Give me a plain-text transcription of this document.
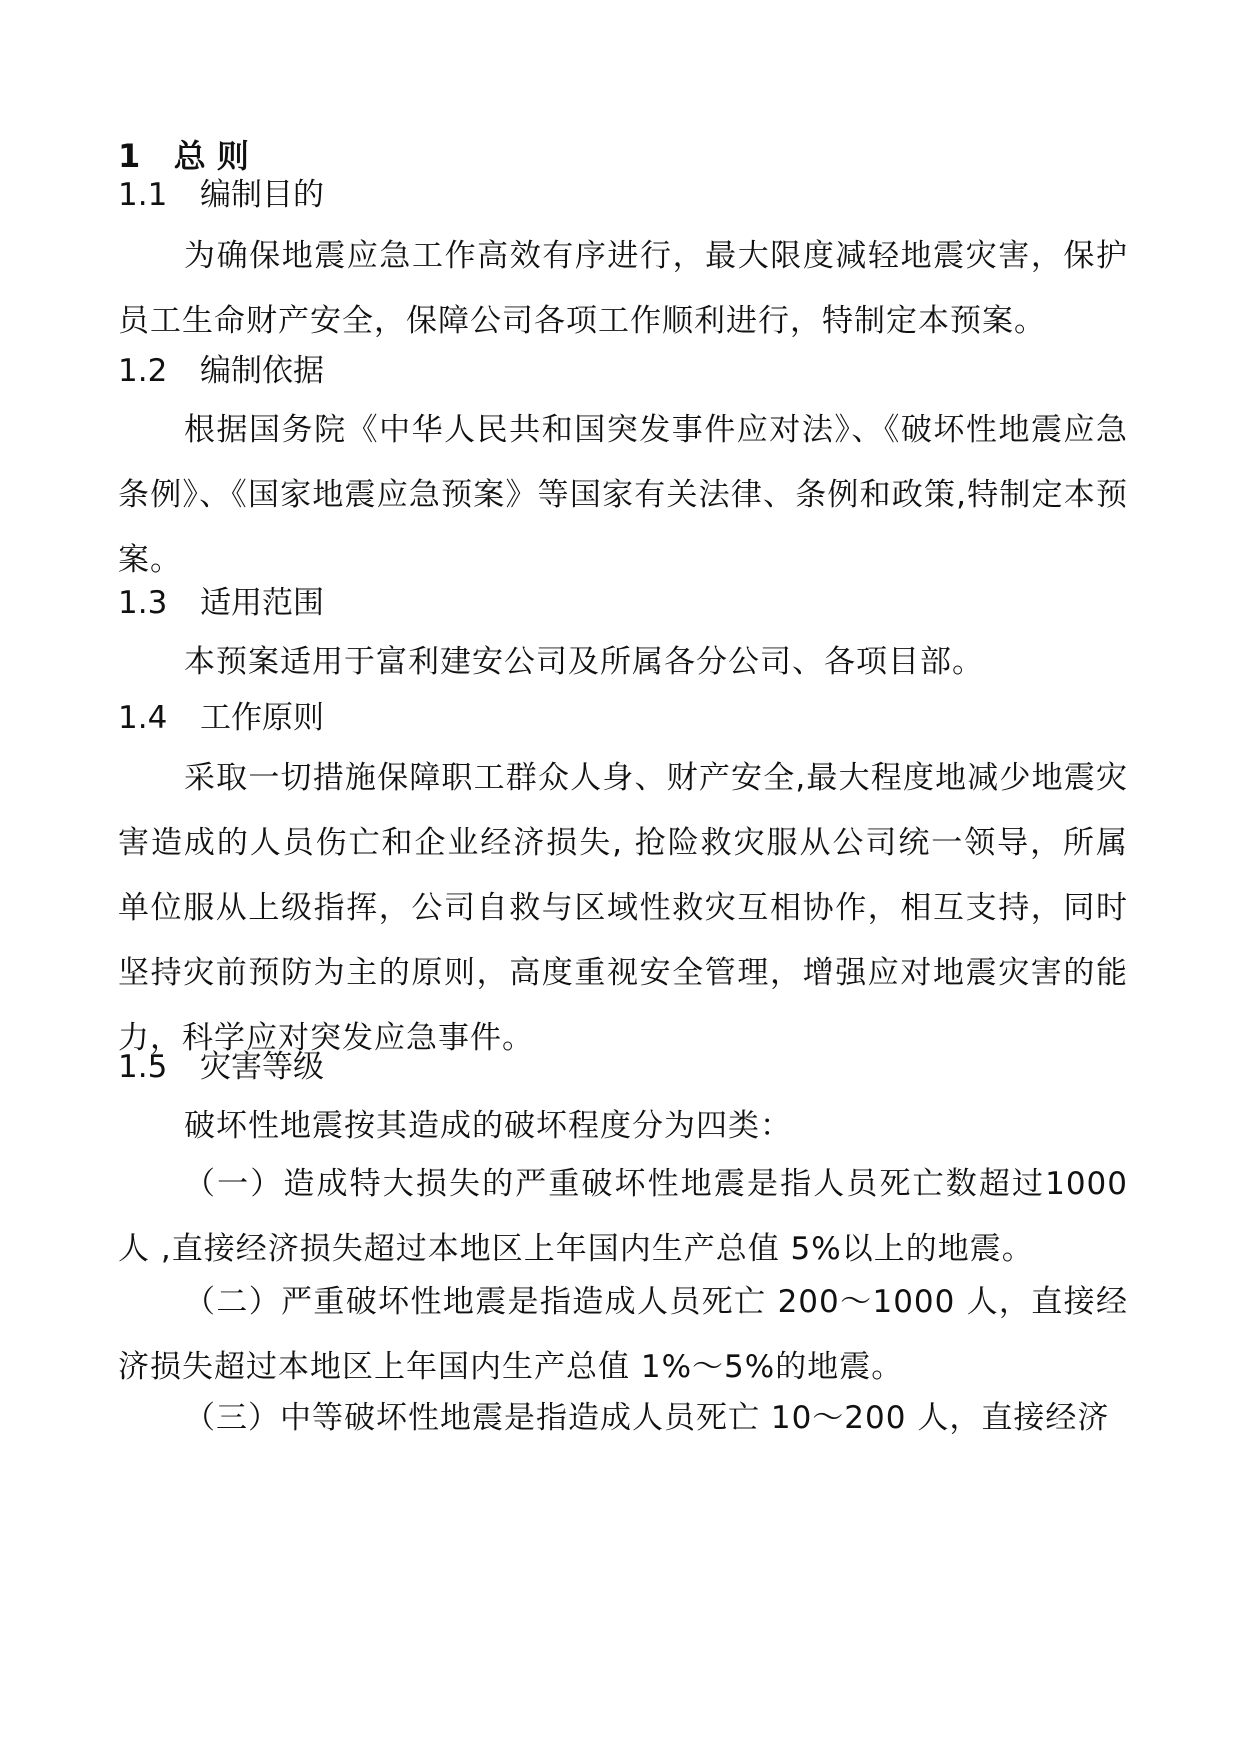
1 总 则
1.1 编制目的

为确保地震应急工作高效有序进行，最大限度减轻地震灾害，保护员工生命财产安全，保障公司各项工作顺利进行，特制定本预案。

1.2 编制依据

根据国务院《中华人民共和国突发事件应对法》、《破坏性地震应急条例》、《国家地震应急预案》等国家有关法律、条例和政策,特制定本预案。

1.3 适用范围

本预案适用于富利建安公司及所属各分公司、各项目部。

1.4 工作原则

采取一切措施保障职工群众人身、财产安全,最大程度地减少地震灾害造成的人员伤亡和企业经济损失, 抢险救灾服从公司统一领导，所属单位服从上级指挥，公司自救与区域性救灾互相协作，相互支持，同时坚持灾前预防为主的原则，高度重视安全管理，增强应对地震灾害的能力，科学应对突发应急事件。

1.5 灾害等级

破坏性地震按其造成的破坏程度分为四类：

（一）造成特大损失的严重破坏性地震是指人员死亡数超过1000 人 ,直接经济损失超过本地区上年国内生产总值 5%以上的地震。

（二）严重破坏性地震是指造成人员死亡 200～1000 人，直接经济损失超过本地区上年国内生产总值 1%～5%的地震。

（三）中等破坏性地震是指造成人员死亡 10～200 人，直接经济
